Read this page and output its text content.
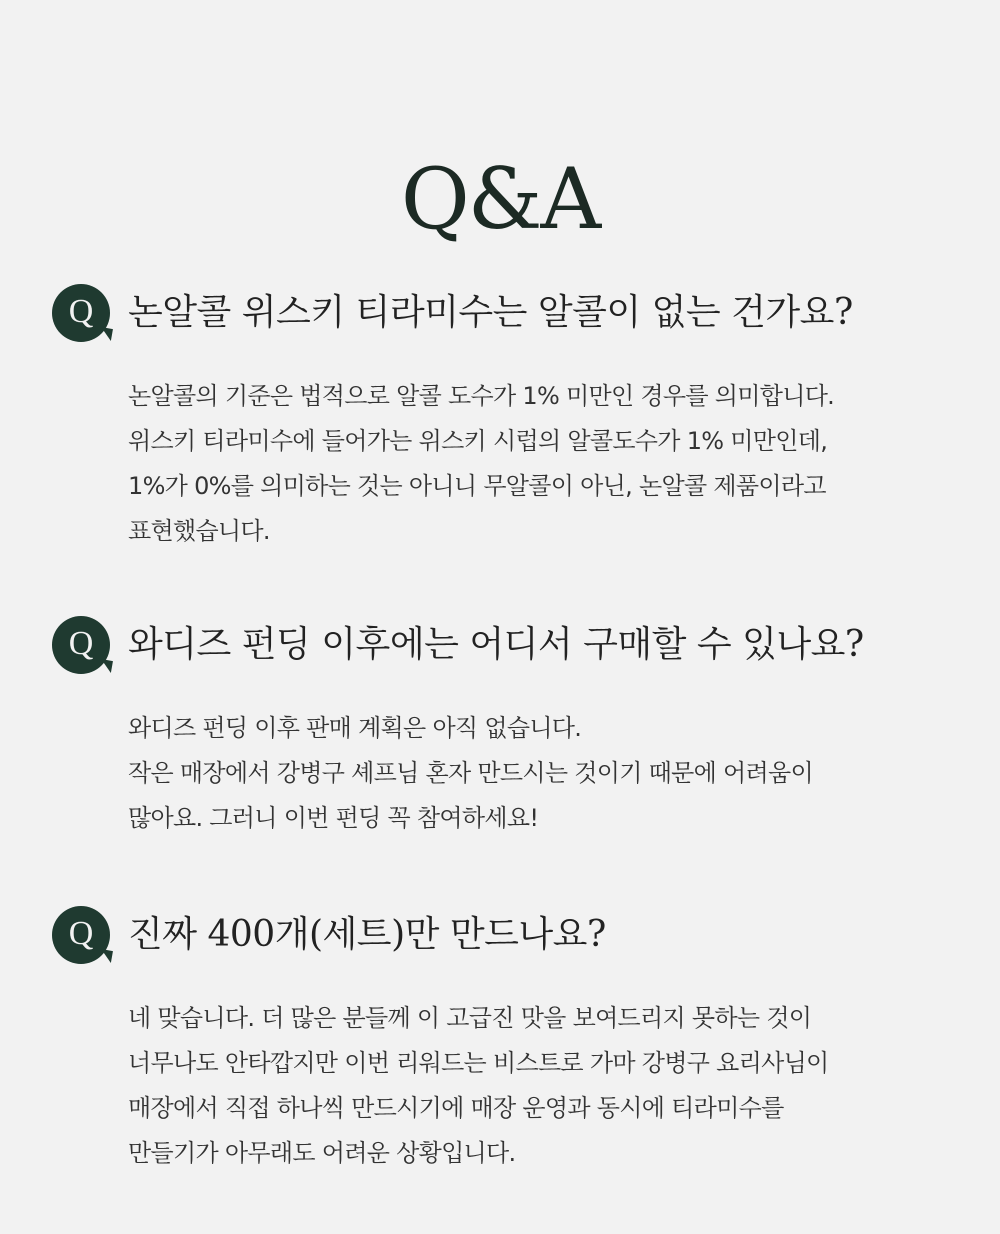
Q&A
Q 논알콜 위스키 티라미수는 알콜이 없는 건가요?
논알콜의 기준은 법적으로 알콜 도수가 1% 미만인 경우를 의미합니다.
위스키 티라미수에 들어가는 위스키 시럽의 알콜도수가 1% 미만인데,
1%가 0%를 의미하는 것는 아니니 무알콜이 아닌, 논알콜 제품이라고
표현했습니다.
Q 와디즈 펀딩 이후에는 어디서 구매할 수 있나요?
와디즈 펀딩 이후 판매 계획은 아직 없습니다.
작은 매장에서 강병구 셰프님 혼자 만드시는 것이기 때문에 어려움이
많아요. 그러니 이번 펀딩 꼭 참여하세요!
Q 진짜 400개(세트)만 만드나요?
네 맞습니다. 더 많은 분들께 이 고급진 맛을 보여드리지 못하는 것이
너무나도 안타깝지만 이번 리워드는 비스트로 가마 강병구 요리사님이
매장에서 직접 하나씩 만드시기에 매장 운영과 동시에 티라미수를
만들기가 아무래도 어려운 상황입니다.
